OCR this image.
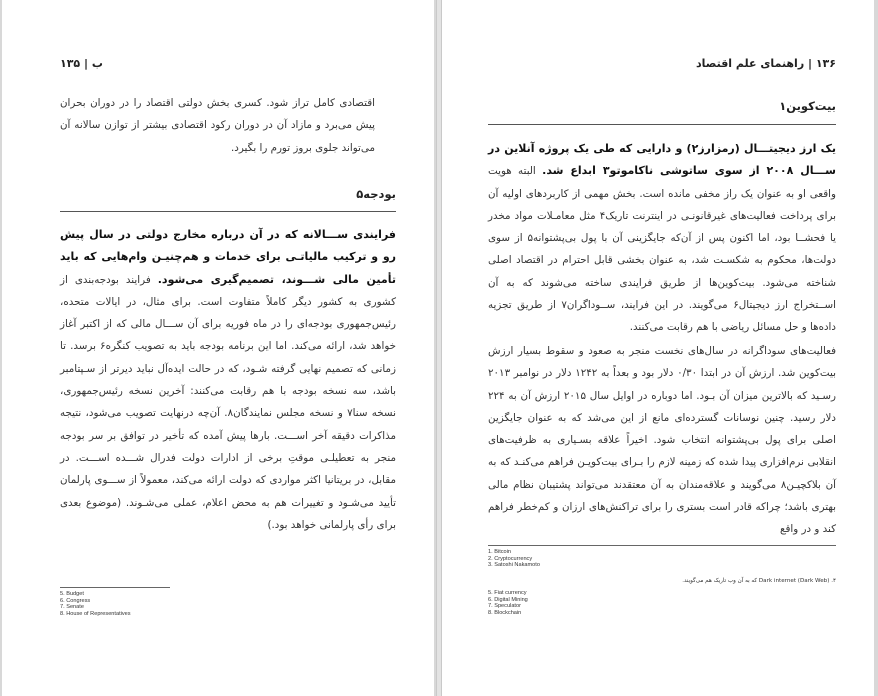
ب | ۱۳۵

اقتصادی کامل تراز شود. کسری بخش دولتی اقتصاد را در دوران بحران پیش می‌برد و مازاد آن در دوران رکود اقتصادی بیشتر از توازن سالانه آن می‌تواند جلوی بروز تورم را بگیرد.

بودجه۵

فرایندی ســـالانه که در آن درباره مخارج دولتی در سال پیش رو و ترکیب مالیاتـی برای خدمات و هم‌چنیـن وام‌هایی که باید تأمین مالی شـــوند، تصمیم‌گیری می‌شود. فرایند بودجه‌بندی از کشوری به کشور دیگر کاملاً متفاوت است. برای مثال، در ایالات متحده، رئیس‌جمهوری بودجه‌ای را در ماه فوریه برای آن ســـال مالی که از اکتبر آغاز خواهد شد، ارائه می‌کند. اما این برنامه بودجه باید به تصویب کنگره۶ برسد. تا زمانی که تصمیم نهایی گرفته شـود، که در حالت ایده‌آل نباید دیرتر از سـپتامبر باشد، سه نسخه بودجه با هم رقابت می‌کنند: آخرین نسخه رئیس‌جمهوری، نسخه سنا۷ و نسخه مجلس نمایندگان۸. آن‌چه درنهایت تصویب می‌شود، نتیجه مذاکرات دقیقه آخر اســـت. بارها پیش آمده که تأخیر در توافق بر سر بودجه منجر به تعطیلـی موقتِ برخی از ادارات دولت فدرال شـــده اســـت. در مقابل، در بریتانیا اکثر مواردی که دولت ارائه می‌کند، معمولاً از ســـوی پارلمان تأیید می‌شـود و تغییرات هم به محض اعلام، عملی می‌شـوند. (موضوع بعدی برای رأی پارلمانی خواهد بود.)

5. Budget
6. Congress
7. Senate
8. House of Representatives
۱۳۶ | راهنمای علم اقتصاد
بیت‌کوین۱

یک ارز دیجیتـــال (رمزارز۲) و دارایی که طی یک پروژه آنلاین در ســـال ۲۰۰۸ از سوی ساتوشی ناکاموتو۳ ابداع شد. البته هویت واقعی او به عنوان یک راز مخفی مانده است. بخش مهمی از کاربردهای اولیه آن برای پرداخت فعالیت‌های غیرقانونـی در اینترنت تاریک۴ مثل معامـلات مواد مخدر یا فحشــا بود، اما اکنون پس از آن‌که جایگزینی آن با پول بی‌پشتوانه۵ از سوی دولت‌ها، محکوم به شکسـت شد، به عنوان بخشی قابل احترام در اقتصاد اصلی شناخته می‌شود. بیت‌کوین‌ها از طریق فرایندی ساخته می‌شوند که به آن اســتخراج ارز دیجیتال۶ می‌گویند. در این فرایند، ســوداگران۷ از طریق تجزیه داده‌ها و حل مسائل ریاضی با هم رقابت می‌کنند.

فعالیت‌های سوداگرانه در سال‌های نخست منجر به صعود و سقوط بسیار ارزش بیت‌کوین شد. ارزش آن در ابتدا ۰/۳۰ دلار بود و بعداً به ۱۲۴۲ دلار در نوامبر ۲۰۱۳ رسـید که بالاترین میزان آن بـود. اما دوباره در اوایل سال ۲۰۱۵ ارزش آن به ۲۲۴ دلار رسید. چنین نوسانات گسترده‌ای مانع از این می‌شد که به عنوان جایگزین اصلی برای پول بی‌پشتوانه انتخاب شود. اخیراً علاقه بسـیاری به ظرفیت‌های انقلابی نرم‌افزاری پیدا شده که زمینه لازم را بـرای بیت‌کویـن فراهم می‌کنـد که به آن بلاکچیـن۸ می‌گویند و علاقه‌مندان به آن معتقدند می‌تواند پشتیبان نظام مالی بهتری باشد؛ چراکه قادر است بستری را برای تراکنش‌های ارزان و کم‌خطر فراهم کند و در واقع

1. Bitcoin
2. Cryptocurrency
3. Satoshi Nakamoto
۴. Dark internet (Dark Web) که به آن وب تاریک هم می‌گویند.
5. Fiat currency
6. Digital Mining
7. Speculator
8. Blockchain
